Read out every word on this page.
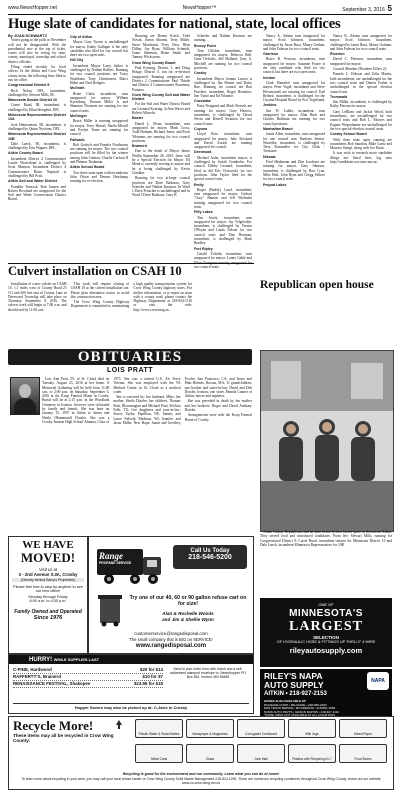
www.NewsHopper.net	NewsHopper™	September 3, 2016 5
Huge slate of candidates for national, state, local offices
By JOAN SCHWARTZ

Voters going to the polls in November will not be disappointed. With the presidential race at the top of ticket, voters will also be voting for state, county, municipal, township and school district officials.

Filing ended recently for local offices. In the Aitkin and Crow Wing county areas, the following have filed to run for office.

Congressional District 8

Rick Nolan, DFL, incumbent, challenged by Stewart Mills, IR.

Minnesota Senate District 10

Carrie Ruud, IR, incumbent, is challenged by Ellan Stenglein, DFL.

Minnesota Representative District 10A

Josh Heintzeman, IR, incumbent, is challenged by Quinn Nystrom, DFL.

Minnesota Representative District 10B

Dale Lueck, IR, incumbent, is challenged by Erin Wagner, DFL.

Aitkin County Board

Incumbent District 2 Commissioner Laurie Westerlund is challenged by Scott Mattson. Incumbent District 4 Commissioner Brian Napstad is challenged by Bill Pratt.

Aitkin Soil and Water District

Franklin Turnock, Bob Janzen and Robert Rowland are unopposed for the Soil and Water Conservation District Board.

City of Aitkin

Mayor Gary Tuomi is unchallenged for mayor. Kathy Galligan is the only candidate who filed for city council but there are two open seats.

Hill City

Incumbent Mayor Larry Sather is challenged by Nathan Rollins. Running for two council positions are Tracy Washburn, Terry Christensen, Marci Holm and Neal Rodgers.

McGrath

Brian Clark, incumbent, runs unopposed for mayor. William Kyrenberg, Thomas Miller Jr. and Shannon Thomsen are running for two council seats.

McGregor

Bruce Miller is running unopposed for mayor. Terry Hensel, Sheila Merrill and Evelyn Tarne are running for council.

Palisade

Bob Gottsch and Pamela Nordstrom are running for mayor. The two council positions will be filled by the winner among John Cannon, Charlie Carlson II and Phineas Tiedaman.

Aitkin School Board

Two three seats open with incumbents John Olson and Dennis Hawkamp running for re-election.

Running are Bonny Kotch, Todd Novak, Aaron Abrams, Terry Miller, Steve Marchand, Terry Ness, Blair Dillon, Jay Ryan, William Schmidt, Grant Sherman, Brian Smith and Tammy Wickstrom.

Crow Wing County Board

Paul Koering, District 1, and Doug Houge, District 5, run for re-election unopposed. Running unopposed are District 2 Commissioner Paul Thiede and District 4 Commissioner Rosemary Franzen.

Crow Wing County Soil and Water District

For the Soil and Water District Board are Leonard Koering, JoAnn Waver and Robert Albrecht.

Baxter

Darrel L. Olson, incumbent, runs unopposed for mayor. Mark Cross, Todd Holman, Richard Jones, and Rock Yilemans are running for two council positions.

Brainerd

Due to the death of Mayor James Wallin September 26, 2015, there will be a Special Election for Mayor. Ed Menk is currently serving as mayor and he is being challenged by Kevin Goedker.

Running for two at-large council positions are Dave Badeaux, Gary Scheeler and Nathan Knutson. In Ward 1 Dave Pritschet is unchallenged and in Ward 3 Dave Badeaux. Gary R.

Scheeler and Nathan Knutson are running.

Breezy Point

Tom Lillehei, incumbent, runs unopposed for mayor. Rebecca Ball, Gene Oelrichs, Jeff Holland, Gary A. Mitchell are running for two council positions.

Crosby

Incumbent Mayor Jeanna Larsen is challenged by Jim Hunter and Daisy Rue. Running for council are Ron Fruchter, incumbent, Roger Benzikes, Jim Tuttor and Ed Vilandre.

Crosslake

Patty Norgaard and Mark Wessels are running for mayor. Gary Heacox, incumbent, is challenged by David Nevin and Darrell Swanton for two council seats.

Cuyuna

Lloyd Brix, incumbent, runs unopposed for mayor. Julie Stockard and David Zoradi are running unopposed for council.

Deerwood

Michael Aulie, incumbent mayor, is challenged by Josiah Grunholm. For council, Debby Leonard, incumbent, filed, as did Eric Ostrowski, for two positions. John Taylor filed for the special council seat.

Emily

Roger (Buddy) Lund, incumbent, runs unopposed for mayor. Gerhart "Gary" Hansen and Jeff Wielinski running unopposed for two council seats.

Fifty Lakes

Tim Anick, incumbent, runs unopposed for mayor. Jay Velgersdyk, incumbent, is challenged by Vernon O'Bryan and Linda Nelson for two council seats and Dan Brennan, incumbent, is challenged by Mark Bradley.

Fort Ripley

Gerald Tschida, incumbent, runs unopposed for mayor. Lonny Gable and two council seats.

Nancy A. Adams runs unopposed for mayor. Scott Johnson, incumbent, challenged by Jason Baca, Maury Grahan, and John Fuleson for two council seats.

Garrison

Bruce R. Persson, incumbent, runs unopposed for mayor. Suzanne Foster is the only candidate who filed for city council, but there are two open seats.

Ironton

Clark Hamdorf runs unopposed for mayor. Peter Vogel, incumbent and Steve Hevenstraeft are running for council. Earl Bedard, incumbent, is challenged for the Cuyuna Hospital Board by Eric Vogelsand.

Jenkins

Jim W. Lukke, incumbent, runs unopposed for mayor. Alan Harti and Charles Hoffman are running for two council positions.

Manhattan Beach

Jamis Allen, incumbent, runs unopposed for one council seat. Barbara Jensen-Wurretke, incumbent, is challenged by Terry Kimmeller for City Clerk - Treasurer.

Nisswa

Fred Heidmann and Don Jacobsen are running for mayor. Gary Johnson, incumbent, is challenged by Ron Cruz, Mike Holt, John Ryan and Gregg Sellner for two council seats.

Pequot Lakes

Nancy K. Adams runs unopposed for mayor. Scott Johnson, incumbent, challenged by Jason Baca, Maury Graham, and John Fuleson for two council seats.

Riverton

David C. Peterson, incumbent, runs unopposed for mayor.

Council Member (Borderer Effect 2):

Pamela L. Dobson and Zelia Martin, both incumbents, are unchallenged for the two council seats and Denise Fraher is unchallenged in the special election council seat.

Trommald

Jim Miller, incumbent, is challenged by Kathy Pierson for mayor.

Gary LeBlanc and Jackie Wood, both incumbents, are unchallenged for two council seats and Bob L. Moores and Eugene Wegenhamer are unchallenged for the two special election council seats.

Crosby School Board

With three seats open, running are incumbents Bob Saindon, Mike Goetz and Maurice Stengl, along with Joe Dunn.

It was wish to research more candidate filings not listed here, log onto http://candidates.sos.state.mn.us/.

Republican open house

Aitkin County Republicans had an open house in their leased space in downtown Aitkin. They served food and introduced candidates. From left: Stewart Mills, running for Congressional District 8; Carrie Ruud, incumbent senator for Minnesota District 10 and Dale Lueck, incumbent Minnesota Representative for 10B.

Culvert installation on CSAH 10

Installation of a new culvert on CSAH 10, 1.1 miles west of County Road 25 111 and 200 feet east of County Lane in Deerwood Township will take place on Thursday, September 8, 2016. The culvert work will begin at 7:00 a.m. and should end by 11:00 a.m.

This work will require closing of CSAH 10 at the culvert installation site. Please plan alternative routes to avoid this construction area.

The Crow Wing County Highway Department is committed to maintaining a high quality transportation system for Crow Wing County highway users. For further information, or to report an issue with a county road, please contact the Highway Department at 218-824-1110 or visit the web: http://www.crowwing.us.

OBITUARIES
LOIS PRATT

Lois Ann Pratt, 59, of St. Cloud died on Tuesday, August 23, 2016 at her home. A Memorial Gathering will be held from 11:00 a.m. to 2:00 p.m. on Saturday, September 3, 2016 at the Koop Funeral Home in Crosby. Burial will be at 2:15 p.m. in the Woodland Cemetery in Ironton. Services were officiated by family and friends. She was born on January 15, 1957 in Aitkin to James and Sheila (Hammond) Dotzler. She was a Crosby-Ironton High School Alumna, Class of 1975. She was a retired U.S. Air Force Veteran. She was employed with the VA Medical Center in St. Cloud as a medical coder.

She is survived by: her husband, Mike; her mother, Sheila Dotzler; her children, Thomas Pratt, Bloomington and Michael Pratt, Wichita Falls, TX; five daughters and sons-in-law: Stacey Taylor, Papillion, NE; Tammy and Lance Nelsvik, Madison, WI; Jennifer and Jason Miller, New Hope; Jamie and Geoffrey Fowler, San Francisco, CA; and Jessie and Matt Holmes, Boston, MA; 11 grandchildren; one brother and sister-in-law, David and Deb Dotzler, Ironton; one sister, Pamela Conner of Aitkin; nieces and nephews.

She was preceded in death by her mother and her brothers: Roger and David Anthony Dotzler.

Arrangements were with the Koop Funeral Home of Crosby.

WE HAVE
MOVED!
Visit us at
3 - 2nd Avenue S.W., Crosby
(Directly behind Barry's Properties)
Please feel free to stop by anytime to see our new office!
Monday through Friday
8:00 a.m. to 4:30 p.m.
Family Owned and Operated
Since 1976
Range
PROPANE SERVICE
Call Us Today
218-546-5200
Try one of our 40, 60 or 90 gallon refuse cart on for size!
Alan & Rochelle Woods
and Jim & Shellie Wynn
customerservice@rangedisposal.com
The small company that is BIG on SERVICE!
www.rangedisposal.com
HURRY!
WHILE SUPPLIES LAST
C-PINE, Hardwood	$20 for $14
RAFFERTY'S, Brainerd	$10 for $7
RENAISSANCE FESTIVAL, Shakopee	$23.95 for $15
Send in your order form with check and a self-addressed stamped envelope to: NewsHopper PO Box 562, Ironton, MN 56455
Hopper Savers may also be picked up at: C-Aisle in Crosby
ONE OF
MINNESOTA'S
LARGEST
SELECTION
OF HYDRAULIC HOSE & FITTINGS UP THRU 2" 4 WIRE
rileyautosupply.com
RILEY'S NAPA
AUTO SUPPLY
AITKIN • 218-927-2153
HOSES ALSO AVAILABLE AT:
PALISADE COOP • PALISADE • 218-845-2333
D&S TRUCK REPAIR • MCGREGOR • 218-851-1555
NORD AUTO PARTS • GRAND RAPIDS • 218-327-1191
*SOME SIZES NOT AVAILABLE AT ALL LOCATIONS
NAPA
Recycle More!
These items may all be recycled in Crow Wing County:
Plastic Water & Soda Bottles	Newspaper & Magazines	Corrugated Cardboard	Milk Jugs	Mixed Paper
Metal Cans	Glass	Junk Mail	Plastics with Recycling #1-7	Food Boxes
Recycling is good for the environment and our community. Learn what you can do at home!
To learn more about recycling in your area, you may call your local refuse hauler or Crow Wing County Solid Waste Management 218-824-1290. There are numerous recycling containers throughout Crow Wing County, check out our website www.co.crow-wing.mn.us
